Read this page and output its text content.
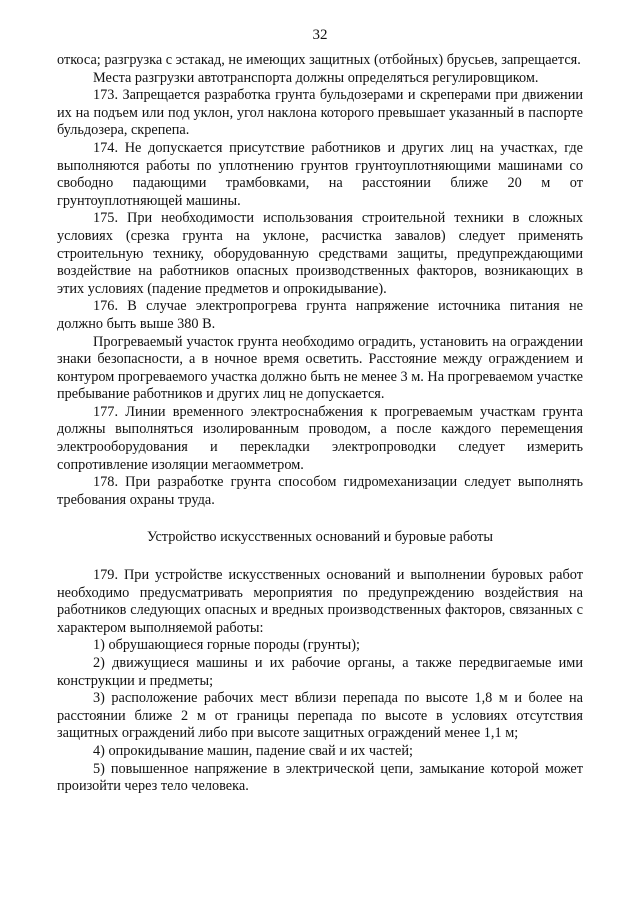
32

откоса; разгрузка с эстакад, не имеющих защитных (отбойных) брусьев, запрещается.

Места разгрузки автотранспорта должны определяться регулировщиком.

173. Запрещается разработка грунта бульдозерами и скреперами при движении их на подъем или под уклон, угол наклона которого превышает указанный в паспорте бульдозера, скрепепа.

174. Не допускается присутствие работников и других лиц на участках, где выполняются работы по уплотнению грунтов грунтоуплотняющими машинами со свободно падающими трамбовками, на расстоянии ближе 20 м от грунтоуплотняющей машины.

175. При необходимости использования строительной техники в сложных условиях (срезка грунта на уклоне, расчистка завалов) следует применять строительную технику, оборудованную средствами защиты, предупреждающими воздействие на работников опасных производственных факторов, возникающих в этих условиях (падение предметов и опрокидывание).

176. В случае электропрогрева грунта напряжение источника питания не должно быть выше 380 В.

Прогреваемый участок грунта необходимо оградить, установить на ограждении знаки безопасности, а в ночное время осветить. Расстояние между ограждением и контуром прогреваемого участка должно быть не менее 3 м. На прогреваемом участке пребывание работников и других лиц не допускается.

177. Линии временного электроснабжения к прогреваемым участкам грунта должны выполняться изолированным проводом, а после каждого перемещения электрооборудования и перекладки электропроводки следует измерить сопротивление изоляции мегаомметром.

178. При разработке грунта способом гидромеханизации следует выполнять требования охраны труда.

Устройство искусственных оснований и буровые работы

179. При устройстве искусственных оснований и выполнении буровых работ необходимо предусматривать мероприятия по предупреждению воздействия на работников следующих опасных и вредных производственных факторов, связанных с характером выполняемой работы:

1) обрушающиеся горные породы (грунты);
2) движущиеся машины и их рабочие органы, а также передвигаемые ими конструкции и предметы;
3) расположение рабочих мест вблизи перепада по высоте 1,8 м и более на расстоянии ближе 2 м от границы перепада по высоте в условиях отсутствия защитных ограждений либо при высоте защитных ограждений менее 1,1 м;
4) опрокидывание машин, падение свай и их частей;
5) повышенное напряжение в электрической цепи, замыкание которой может произойти через тело человека.
